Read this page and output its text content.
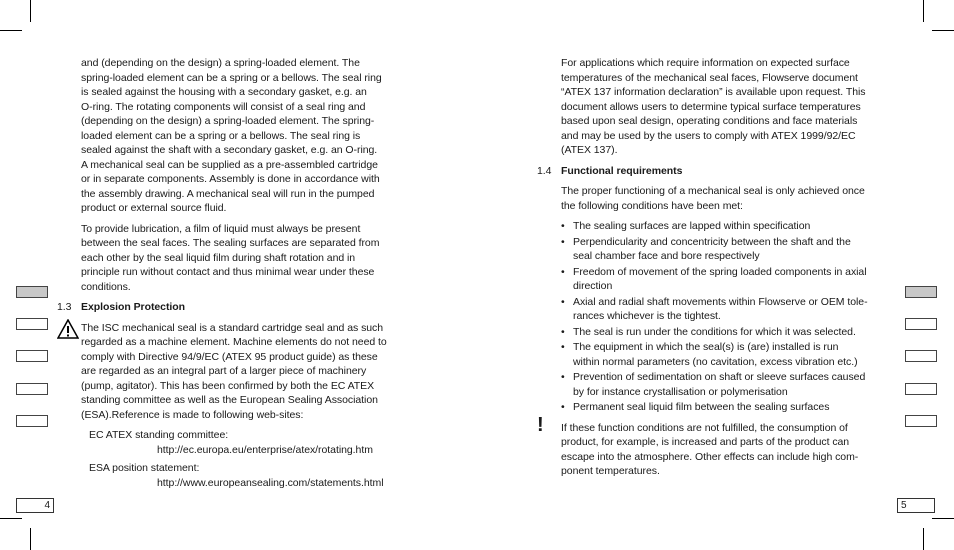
4	5

and (depending on the design) a spring-loaded element. The
spring-loaded element can be a spring or a bellows. The seal ring
is sealed against the housing with a secondary gasket, e.g. an
O-ring. The rotating components will consist of a seal ring and
(depending on the design) a spring-loaded element. The spring-
loaded element can be a spring or a bellows. The seal ring is
sealed against the shaft with a secondary gasket, e.g. an O-ring.
A mechanical seal can be supplied as a pre-assembled cartridge
or in separate components. Assembly is done in accordance with
the assembly drawing. A mechanical seal will run in the pumped
product or external source fluid.

To provide lubrication, a film of liquid must always be present
between the seal faces. The sealing surfaces are separated from
each other by the seal liquid film during shaft rotation and in
principle run without contact and thus minimal wear under these
conditions.

1.3 Explosion Protection

The ISC mechanical seal is a standard cartridge seal and as such
regarded as a machine element. Machine elements do not need to
comply with Directive 94/9/EC (ATEX 95 product guide) as these
are regarded as an integral part of a larger piece of machinery
(pump, agitator). This has been confirmed by both the EC ATEX
standing committee as well as the European Sealing Association
(ESA).Reference is made to following web-sites:

EC ATEX standing committee:
http://ec.europa.eu/enterprise/atex/rotating.htm
ESA position statement:
http://www.europeansealing.com/statements.html

For applications which require information on expected surface
temperatures of the mechanical seal faces, Flowserve document
“ATEX 137 information declaration” is available upon request. This
document allows users to determine typical surface temperatures
based upon seal design, operating conditions and face materials
and may be used by the users to comply with ATEX 1999/92/EC
(ATEX 137).

1.4 Functional requirements

The proper functioning of a mechanical seal is only achieved once
the following conditions have been met:

• The sealing surfaces are lapped within specification
• Perpendicularity and concentricity between the shaft and the
seal chamber face and bore respectively
• Freedom of movement of the spring loaded components in axial
direction
• Axial and radial shaft movements within Flowserve or OEM tole-
rances whichever is the tightest.
• The seal is run under the conditions for which it was selected.
• The equipment in which the seal(s) is (are) installed is run
within normal parameters (no cavitation, excess vibration etc.)
• Prevention of sedimentation on shaft or sleeve surfaces caused
by for instance crystallisation or polymerisation
• Permanent seal liquid film between the sealing surfaces
! If these function conditions are not fulfilled, the consumption of
product, for example, is increased and parts of the product can
escape into the atmosphere. Other effects can include high com-
ponent temperatures.
